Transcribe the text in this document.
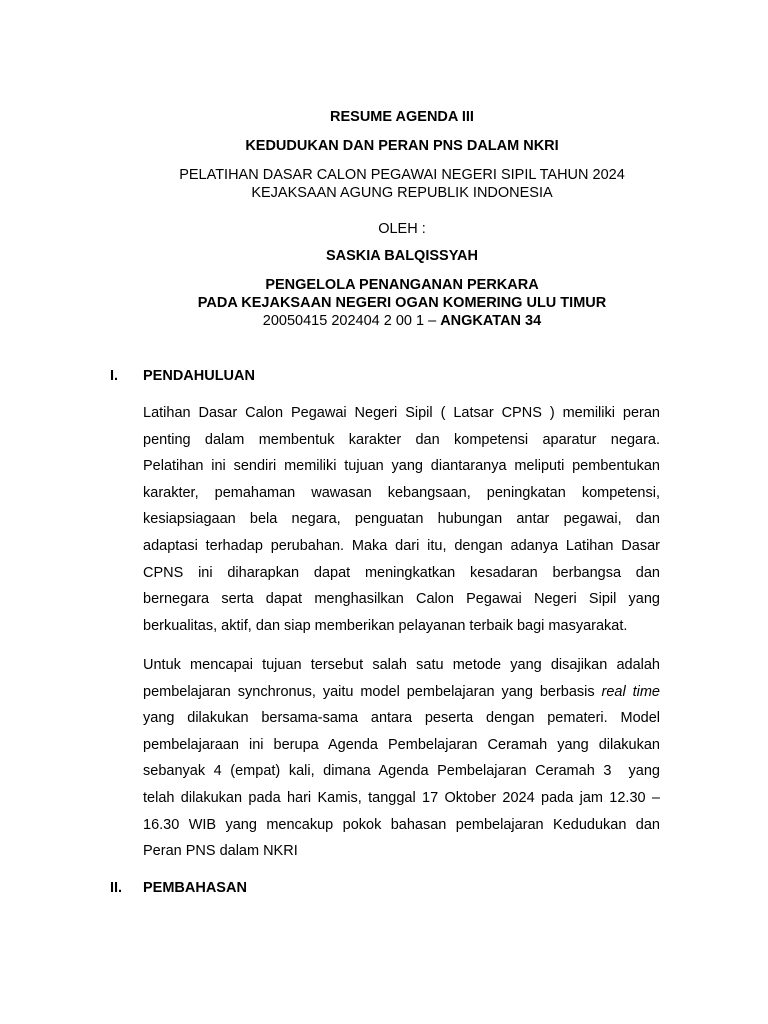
RESUME AGENDA III
KEDUDUKAN DAN PERAN PNS DALAM NKRI
PELATIHAN DASAR CALON PEGAWAI NEGERI SIPIL TAHUN 2024
KEJAKSAAN AGUNG REPUBLIK INDONESIA
OLEH :
SASKIA BALQISSYAH
PENGELOLA PENANGANAN PERKARA
PADA KEJAKSAAN NEGERI OGAN KOMERING ULU TIMUR
20050415 202404 2 00 1 – ANGKATAN 34
I. PENDAHULUAN
Latihan Dasar Calon Pegawai Negeri Sipil ( Latsar CPNS ) memiliki peran
penting dalam membentuk karakter dan kompetensi aparatur negara.
Pelatihan ini sendiri memiliki tujuan yang diantaranya meliputi pembentukan
karakter, pemahaman wawasan kebangsaan, peningkatan kompetensi,
kesiapsiagaan bela negara, penguatan hubungan antar pegawai, dan
adaptasi terhadap perubahan. Maka dari itu, dengan adanya Latihan Dasar
CPNS ini diharapkan dapat meningkatkan kesadaran berbangsa dan
bernegara serta dapat menghasilkan Calon Pegawai Negeri Sipil yang
berkualitas, aktif, dan siap memberikan pelayanan terbaik bagi masyarakat.
Untuk mencapai tujuan tersebut salah satu metode yang disajikan adalah
pembelajaran synchronus, yaitu model pembelajaran yang berbasis real time
yang dilakukan bersama-sama antara peserta dengan pemateri. Model
pembelajaraan ini berupa Agenda Pembelajaran Ceramah yang dilakukan
sebanyak 4 (empat) kali, dimana Agenda Pembelajaran Ceramah 3  yang
telah dilakukan pada hari Kamis, tanggal 17 Oktober 2024 pada jam 12.30 –
16.30 WIB yang mencakup pokok bahasan pembelajaran Kedudukan dan
Peran PNS dalam NKRI
II. PEMBAHASAN
